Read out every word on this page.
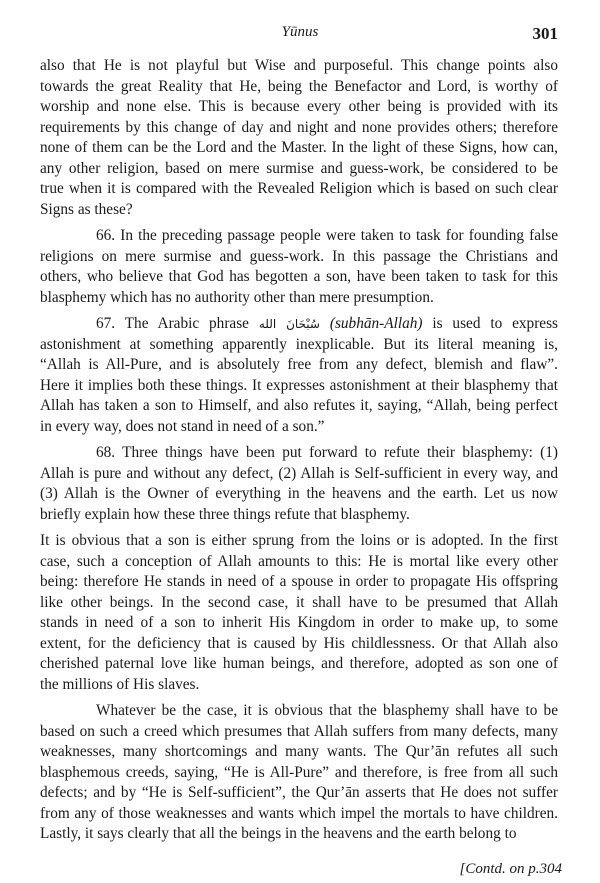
Yūnus	301
also that He is not playful but Wise and purposeful. This change points also
towards the great Reality that He, being the Benefactor and Lord, is worthy of
worship and none else. This is because every other being is provided with its
requirements by this change of day and night and none provides others; therefore
none of them can be the Lord and the Master. In the light of these Signs, how can,
any other religion, based on mere surmise and guess-work, be considered to be
true when it is compared with the Revealed Religion which is based on such clear
Signs as these?
66. In the preceding passage people were taken to task for founding false
religions on mere surmise and guess-work. In this passage the Christians and
others, who believe that God has begotten a son, have been taken to task for this
blasphemy which has no authority other than mere presumption.
67. The Arabic phrase سُبْحَانَ الله (subhān-Allah) is used to express
astonishment at something apparently inexplicable. But its literal meaning is,
“Allah is All-Pure, and is absolutely free from any defect, blemish and flaw”.
Here it implies both these things. It expresses astonishment at their blasphemy that
Allah has taken a son to Himself, and also refutes it, saying, “Allah, being perfect
in every way, does not stand in need of a son.”
68. Three things have been put forward to refute their blasphemy: (1)
Allah is pure and without any defect, (2) Allah is Self-sufficient in every way, and
(3) Allah is the Owner of everything in the heavens and the earth. Let us now
briefly explain how these three things refute that blasphemy.
It is obvious that a son is either sprung from the loins or is adopted. In the first
case, such a conception of Allah amounts to this: He is mortal like every other
being: therefore He stands in need of a spouse in order to propagate His offspring
like other beings. In the second case, it shall have to be presumed that Allah
stands in need of a son to inherit His Kingdom in order to make up, to some
extent, for the deficiency that is caused by His childlessness. Or that Allah also
cherished paternal love like human beings, and therefore, adopted as son one of
the millions of His slaves.
Whatever be the case, it is obvious that the blasphemy shall have to be
based on such a creed which presumes that Allah suffers from many defects, many
weaknesses, many shortcomings and many wants. The Qur’ān refutes all such
blasphemous creeds, saying, “He is All-Pure” and therefore, is free from all such
defects; and by “He is Self-sufficient”, the Qur’ān asserts that He does not suffer
from any of those weaknesses and wants which impel the mortals to have children.
Lastly, it says clearly that all the beings in the heavens and the earth belong to
[Contd. on p.304
